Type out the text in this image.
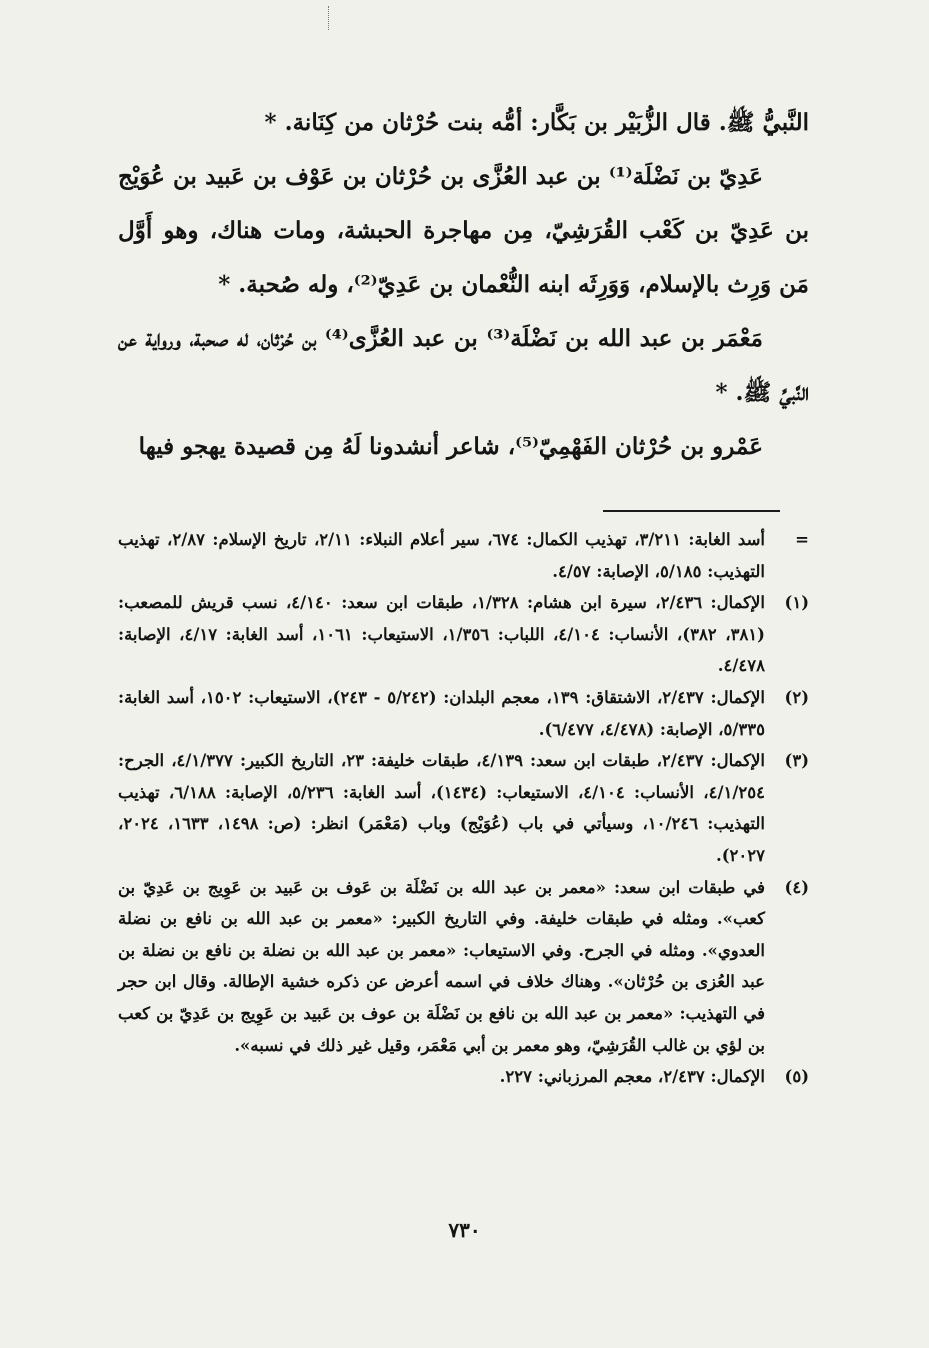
النَّبيُّ ﷺ. قال الزُّبَيْر بن بَكَّار: أمُّه بنت حُرْثان من كِنَانة. *

عَدِيّ بن نَضْلَة⁽¹⁾ بن عبد العُزَّى بن حُرْثان بن عَوْف بن عَبيد بن عُوَيْج بن عَدِيّ بن كَعْب القُرَشِيّ، مِن مهاجرة الحبشة، ومات هناك، وهو أَوَّل مَن وَرِث بالإسلام، وَوَرِثَه ابنه النُّعْمان بن عَدِيّ⁽²⁾، وله صُحبة. *

مَعْمَر بن عبد الله بن نَضْلَة⁽³⁾ بن عبد العُزَّى⁽⁴⁾ بن حُرْثان، له صحبة، ورواية عن النَّبيِّ ﷺ. *

عَمْرو بن حُرْثان الفَهْمِيّ⁽⁵⁾، شاعر أنشدونا لَهُ مِن قصيدة يهجو فيها

=
أسد الغابة: ٣/٢١١، تهذيب الكمال: ٦٧٤، سير أعلام النبلاء: ٢/١١، تاريخ الإسلام: ٢/٨٧، تهذيب التهذيب: ٥/١٨٥، الإصابة: ٤/٥٧.
(١)
الإكمال: ٢/٤٣٦، سيرة ابن هشام: ١/٣٢٨، طبقات ابن سعد: ٤/١٤٠، نسب قريش للمصعب: (٣٨١، ٣٨٢)، الأنساب: ٤/١٠٤، اللباب: ١/٣٥٦، الاستيعاب: ١٠٦١، أسد الغابة: ٤/١٧، الإصابة: ٤/٤٧٨.
(٢)
الإكمال: ٢/٤٣٧، الاشتقاق: ١٣٩، معجم البلدان: (٥/٢٤٢ - ٢٤٣)، الاستيعاب: ١٥٠٢، أسد الغابة: ٥/٣٣٥، الإصابة: (٤/٤٧٨، ٦/٤٧٧).
(٣)
الإكمال: ٢/٤٣٧، طبقات ابن سعد: ٤/١٣٩، طبقات خليفة: ٢٣، التاريخ الكبير: ٤/١/٣٧٧، الجرح: ٤/١/٢٥٤، الأنساب: ٤/١٠٤، الاستيعاب: (١٤٣٤)، أسد الغابة: ٥/٢٣٦، الإصابة: ٦/١٨٨، تهذيب التهذيب: ١٠/٢٤٦، وسيأتي في باب (عُوَيْج) وباب (مَعْمَر) انظر: (ص: ١٤٩٨، ١٦٣٣، ٢٠٢٤، ٢٠٢٧).
(٤)
في طبقات ابن سعد: «معمر بن عبد الله بن نَضْلَة بن عَوف بن عَبيد بن عَوِيج بن عَدِيّ بن كعب». ومثله في طبقات خليفة. وفي التاريخ الكبير: «معمر بن عبد الله بن نافع بن نضلة العدوي». ومثله في الجرح. وفي الاستيعاب: «معمر بن عبد الله بن نضلة بن نافع بن نضلة بن عبد العُزى بن حُرْثان». وهناك خلاف في اسمه أعرض عن ذكره خشية الإطالة. وقال ابن حجر في التهذيب: «معمر بن عبد الله بن نافع بن نَضْلَة بن عوف بن عَبيد بن عَوِيج بن عَدِيّ بن كعب بن لؤي بن غالب القُرَشِيّ، وهو معمر بن أبي مَعْمَر، وقيل غير ذلك في نسبه».
(٥)
الإكمال: ٢/٤٣٧، معجم المرزباني: ٢٢٧.
٧٣٠
